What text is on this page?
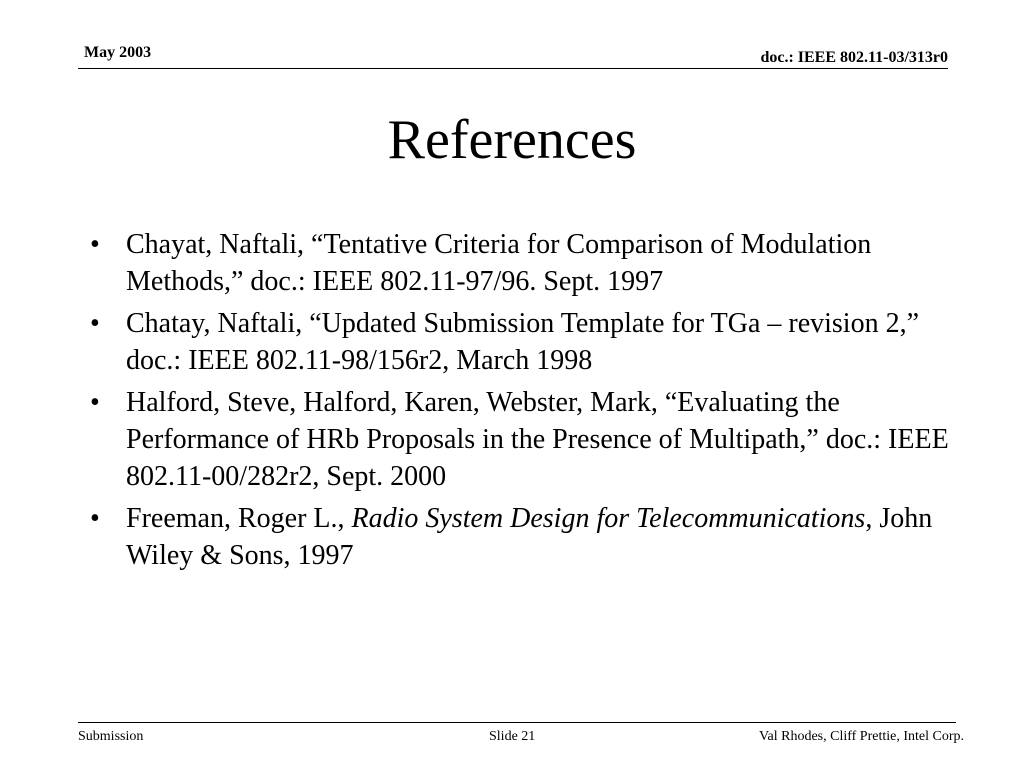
May 2003	doc.: IEEE 802.11-03/313r0
References
• Chayat, Naftali, “Tentative Criteria for Comparison of Modulation Methods,” doc.: IEEE 802.11-97/96. Sept. 1997
• Chatay, Naftali, “Updated Submission Template for TGa – revision 2,” doc.: IEEE 802.11-98/156r2, March 1998
• Halford, Steve, Halford, Karen, Webster, Mark, “Evaluating the Performance of HRb Proposals in the Presence of Multipath,” doc.: IEEE 802.11-00/282r2, Sept. 2000
• Freeman, Roger L., Radio System Design for Telecommunications, John Wiley & Sons, 1997
Submission	Slide 21	Val Rhodes, Cliff Prettie, Intel Corp.
